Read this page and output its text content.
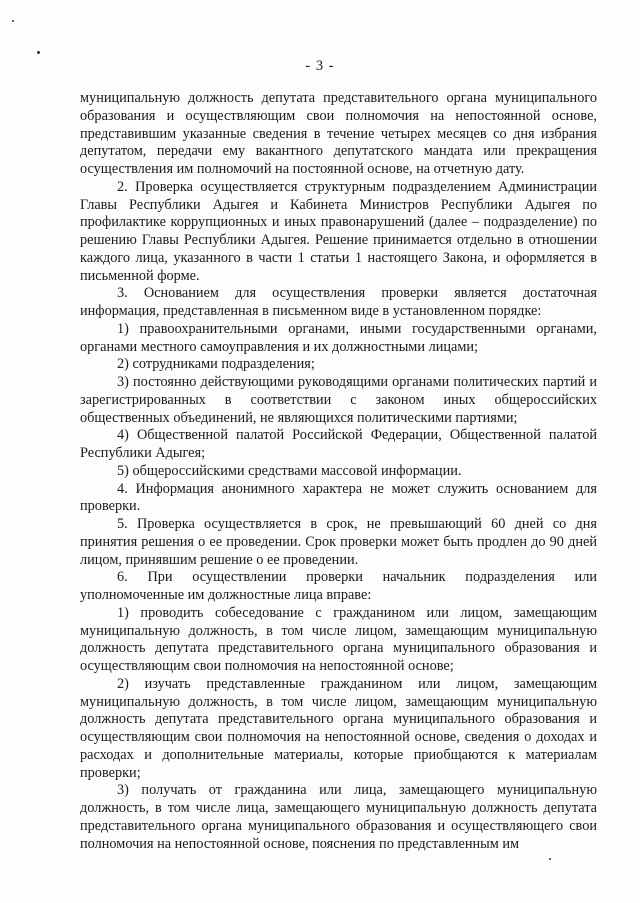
- 3 -

муниципальную должность депутата представительного органа муниципального образования и осуществляющим свои полномочия на непостоянной основе, представившим указанные сведения в течение четырех месяцев со дня избрания депутатом, передачи ему вакантного депутатского мандата или прекращения осуществления им полномочий на постоянной основе, на отчетную дату.

2. Проверка осуществляется структурным подразделением Администрации Главы Республики Адыгея и Кабинета Министров Республики Адыгея по профилактике коррупционных и иных правонарушений (далее – подразделение) по решению Главы Республики Адыгея. Решение принимается отдельно в отношении каждого лица, указанного в части 1 статьи 1 настоящего Закона, и оформляется в письменной форме.

3. Основанием для осуществления проверки является достаточная информация, представленная в письменном виде в установленном порядке:

1) правоохранительными органами, иными государственными органами, органами местного самоуправления и их должностными лицами;

2) сотрудниками подразделения;

3) постоянно действующими руководящими органами политических партий и зарегистрированных в соответствии с законом иных общероссийских общественных объединений, не являющихся политическими партиями;

4) Общественной палатой Российской Федерации, Общественной палатой Республики Адыгея;

5) общероссийскими средствами массовой информации.

4. Информация анонимного характера не может служить основанием для проверки.

5. Проверка осуществляется в срок, не превышающий 60 дней со дня принятия решения о ее проведении. Срок проверки может быть продлен до 90 дней лицом, принявшим решение о ее проведении.

6. При осуществлении проверки начальник подразделения или уполномоченные им должностные лица вправе:

1) проводить собеседование с гражданином или лицом, замещающим муниципальную должность, в том числе лицом, замещающим муниципальную должность депутата представительного органа муниципального образования и осуществляющим свои полномочия на непостоянной основе;

2) изучать представленные гражданином или лицом, замещающим муниципальную должность, в том числе лицом, замещающим муниципальную должность депутата представительного органа муниципального образования и осуществляющим свои полномочия на непостоянной основе, сведения о доходах и расходах и дополнительные материалы, которые приобщаются к материалам проверки;

3) получать от гражданина или лица, замещающего муниципальную должность, в том числе лица, замещающего муниципальную должность депутата представительного органа муниципального образования и осуществляющего свои полномочия на непостоянной основе, пояснения по представленным им
